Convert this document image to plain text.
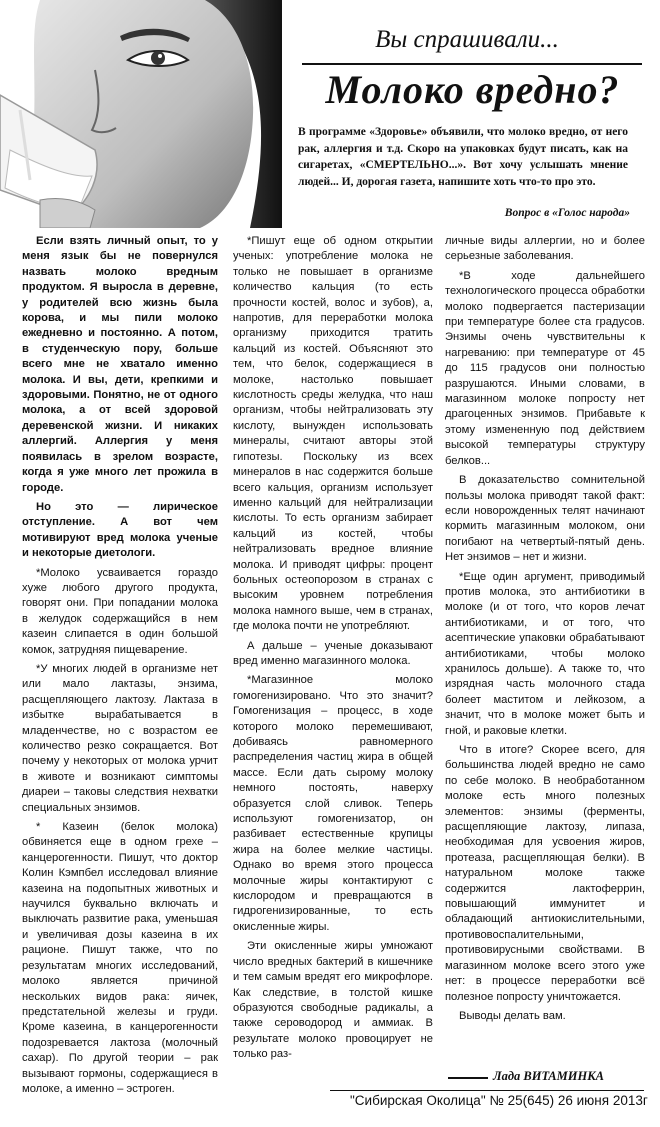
Вы спрашивали...
Молоко вредно?

В программе «Здоровье» объявили, что молоко вредно, от него рак, аллергия и т.д. Скоро на упаковках будут писать, как на сигаретах, «СМЕРТЕЛЬНО...». Вот хочу услышать мнение людей... И, дорогая газета, напишите хоть что-то про это.

Вопрос в «Голос народа»

Если взять личный опыт, то у меня язык бы не повернулся назвать молоко вредным продуктом. Я выросла в деревне, у родителей всю жизнь была корова, и мы пили молоко ежедневно и постоянно. А потом, в студенческую пору, больше всего мне не хватало именно молока. И вы, дети, крепкими и здоровыми. Понятно, не от одного молока, а от всей здоровой деревенской жизни. И никаких аллергий. Аллергия у меня появилась в зрелом возрасте, когда я уже много лет прожила в городе.

Но это — лирическое отступление. А вот чем мотивируют вред молока ученые и некоторые диетологи.

*Молоко усваивается гораздо хуже любого другого продукта, говорят они. При попадании молока в желудок содержащийся в нем казеин слипается в один большой комок, затрудняя пищеварение.

*У многих людей в организме нет или мало лактазы, энзима, расщепляющего лактозу. Лактаза в избытке вырабатывается в младенчестве, но с возрастом ее количество резко сокращается. Вот почему у некоторых от молока урчит в животе и возникают симптомы диареи – таковы следствия нехватки специальных энзимов.

* Казеин (белок молока) обвиняется еще в одном грехе – канцерогенности. Пишут, что доктор Колин Кэмпбел исследовал влияние казеина на подопытных животных и научился буквально включать и выключать развитие рака, уменьшая и увеличивая дозы казеина в их рационе. Пишут также, что по результатам многих исследований, молоко является причиной нескольких видов рака: яичек, предстательной железы и груди. Кроме казеина, в канцерогенности подозревается лактоза (молочный сахар). По другой теории – рак вызывают гормоны, содержащиеся в молоке, а именно – эстроген.

*Пишут еще об одном открытии ученых: употребление молока не только не повышает в организме количество кальция (то есть прочности костей, волос и зубов), а, напротив, для переработки молока организму приходится тратить кальций из костей. Объясняют это тем, что белок, содержащиеся в молоке, настолько повышает кислотность среды желудка, что наш организм, чтобы нейтрализовать эту кислоту, вынужден использовать минералы, считают авторы этой гипотезы. Поскольку из всех минералов в нас содержится больше всего кальция, организм использует именно кальций для нейтрализации кислоты. То есть организм забирает кальций из костей, чтобы нейтрализовать вредное влияние молока. И приводят цифры: процент больных остеопорозом в странах с высоким уровнем потребления молока намного выше, чем в странах, где молока почти не употребляют.

А дальше – ученые доказывают вред именно магазинного молока.

*Магазинное молоко гомогенизировано. Что это значит? Гомогенизация – процесс, в ходе которого молоко перемешивают, добиваясь равномерного распределения частиц жира в общей массе. Если дать сырому молоку немного постоять, наверху образуется слой сливок. Теперь используют гомогенизатор, он разбивает естественные крупицы жира на более мелкие частицы. Однако во время этого процесса молочные жиры контактируют с кислородом и превращаются в гидрогенизированные, то есть окисленные жиры.

Эти окисленные жиры умножают число вредных бактерий в кишечнике и тем самым вредят его микрофлоре. Как следствие, в толстой кишке образуются свободные радикалы, а также сероводород и аммиак. В результате молоко провоцирует не только раз-

личные виды аллергии, но и более серьезные заболевания.

*В ходе дальнейшего технологического процесса обработки молоко подвергается пастеризации при температуре более ста градусов. Энзимы очень чувствительны к нагреванию: при температуре от 45 до 115 градусов они полностью разрушаются. Иными словами, в магазинном молоке попросту нет драгоценных энзимов. Прибавьте к этому измененную под действием высокой температуры структуру белков...

В доказательство сомнительной пользы молока приводят такой факт: если новорожденных телят начинают кормить магазинным молоком, они погибают на четвертый-пятый день. Нет энзимов – нет и жизни.

*Еще один аргумент, приводимый против молока, это антибиотики в молоке (и от того, что коров лечат антибиотиками, и от того, что асептические упаковки обрабатывают антибиотиками, чтобы молоко хранилось дольше). А также то, что изрядная часть молочного стада болеет маститом и лейкозом, а значит, что в молоке может быть и гной, и раковые клетки.

Что в итоге? Скорее всего, для большинства людей вредно не само по себе молоко. В необработанном молоке есть много полезных элементов: энзимы (ферменты, расщепляющие лактозу, липаза, необходимая для усвоения жиров, протеаза, расщепляющая белки). В натуральном молоке также содержится лактоферрин, повышающий иммунитет и обладающий антиокислительными, противовоспалительными, противовирусными свойствами. В магазинном молоке всего этого уже нет: в процессе переработки всё полезное попросту уничтожается.

Выводы делать вам.

Лада ВИТАМИНКА
"Сибирская Околица" № 25(645) 26 июня 2013г
